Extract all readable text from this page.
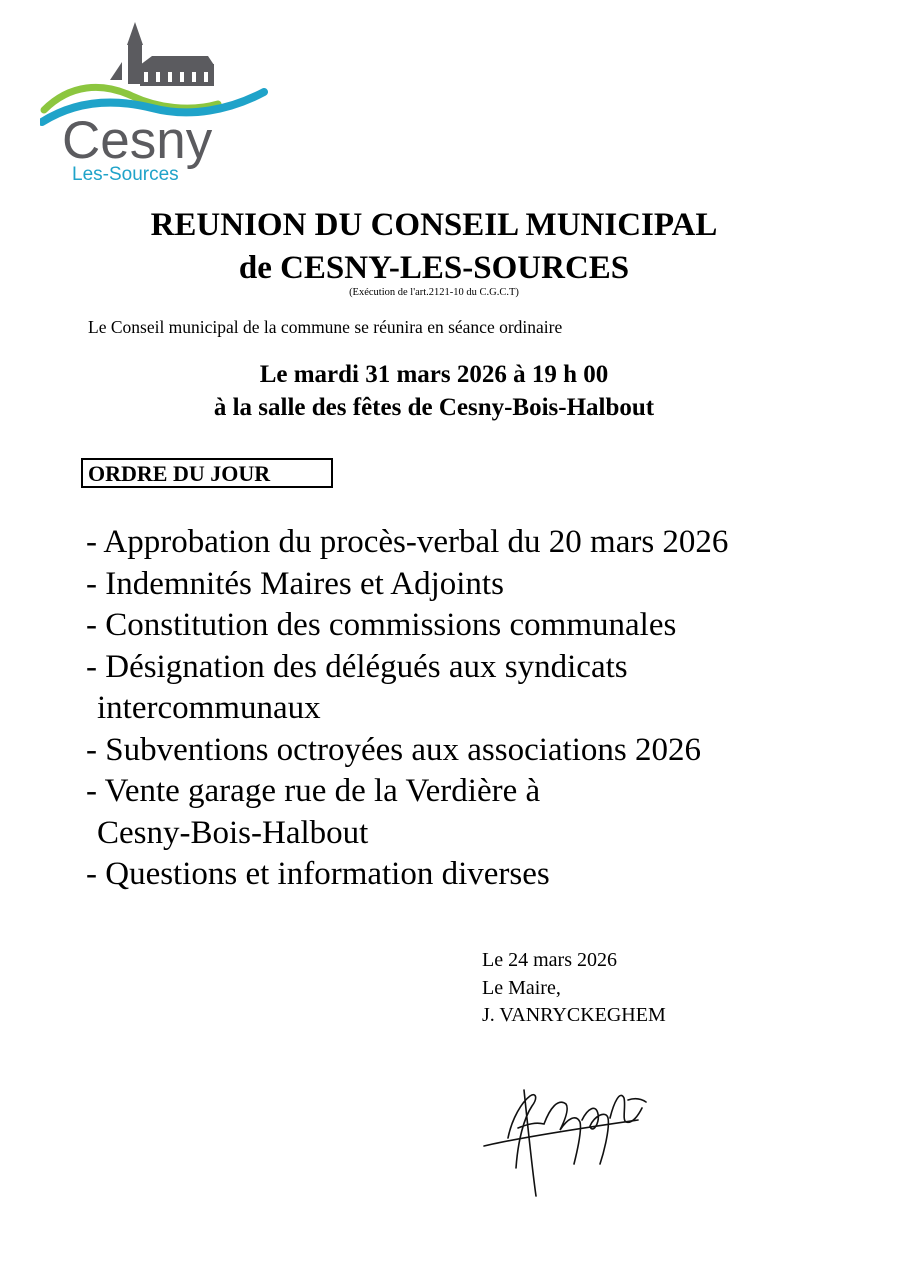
Cesny
Les-Sources
REUNION DU CONSEIL MUNICIPAL
de CESNY-LES-SOURCES
(Exécution de l'art.2121-10 du C.G.C.T)
Le Conseil municipal de la commune se réunira en séance ordinaire
Le mardi 31 mars 2026 à 19 h 00
à la salle des fêtes de Cesny-Bois-Halbout
ORDRE DU JOUR
- Approbation du procès-verbal du 20 mars 2026
- Indemnités Maires et Adjoints
- Constitution des commissions communales
- Désignation des délégués aux syndicats
intercommunaux
- Subventions octroyées aux associations 2026
- Vente garage rue de la Verdière à
Cesny-Bois-Halbout
- Questions et information diverses
Le 24 mars 2026
Le Maire,
J. VANRYCKEGHEM
